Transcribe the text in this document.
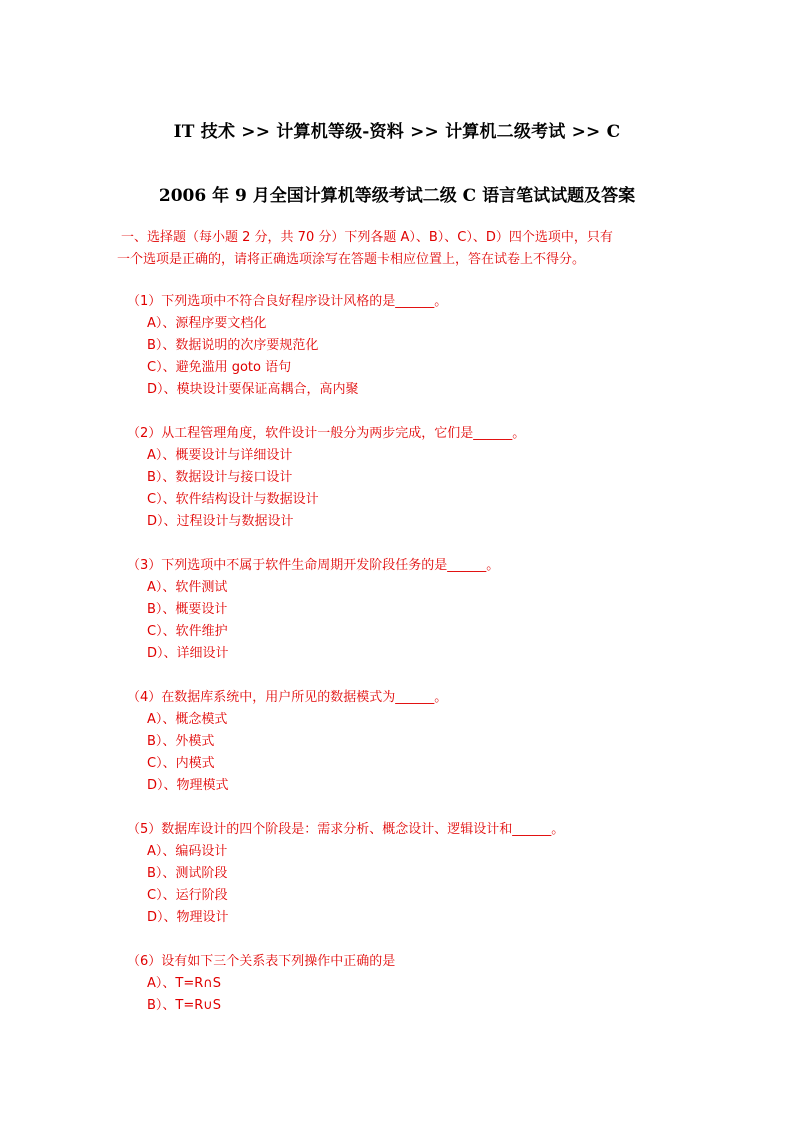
IT 技术 >> 计算机等级-资料 >> 计算机二级考试 >> C
2006 年 9 月全国计算机等级考试二级 C 语言笔试试题及答案
一、选择题（每小题 2 分，共 70 分）下列各题 A）、B）、C）、D）四个选项中，只有
一个选项是正确的，请将正确选项涂写在答题卡相应位置上，答在试卷上不得分。
（1）下列选项中不符合良好程序设计风格的是______。
A）、源程序要文档化
B）、数据说明的次序要规范化
C）、避免滥用 goto 语句
D）、模块设计要保证高耦合，高内聚
（2）从工程管理角度，软件设计一般分为两步完成，它们是______。
A）、概要设计与详细设计
B）、数据设计与接口设计
C）、软件结构设计与数据设计
D）、过程设计与数据设计
（3）下列选项中不属于软件生命周期开发阶段任务的是______。
A）、软件测试
B）、概要设计
C）、软件维护
D）、详细设计
（4）在数据库系统中，用户所见的数据模式为______。
A）、概念模式
B）、外模式
C）、内模式
D）、物理模式
（5）数据库设计的四个阶段是：需求分析、概念设计、逻辑设计和______。
A）、编码设计
B）、测试阶段
C）、运行阶段
D）、物理设计
（6）设有如下三个关系表下列操作中正确的是
A）、T=R∩S
B）、T=R∪S
